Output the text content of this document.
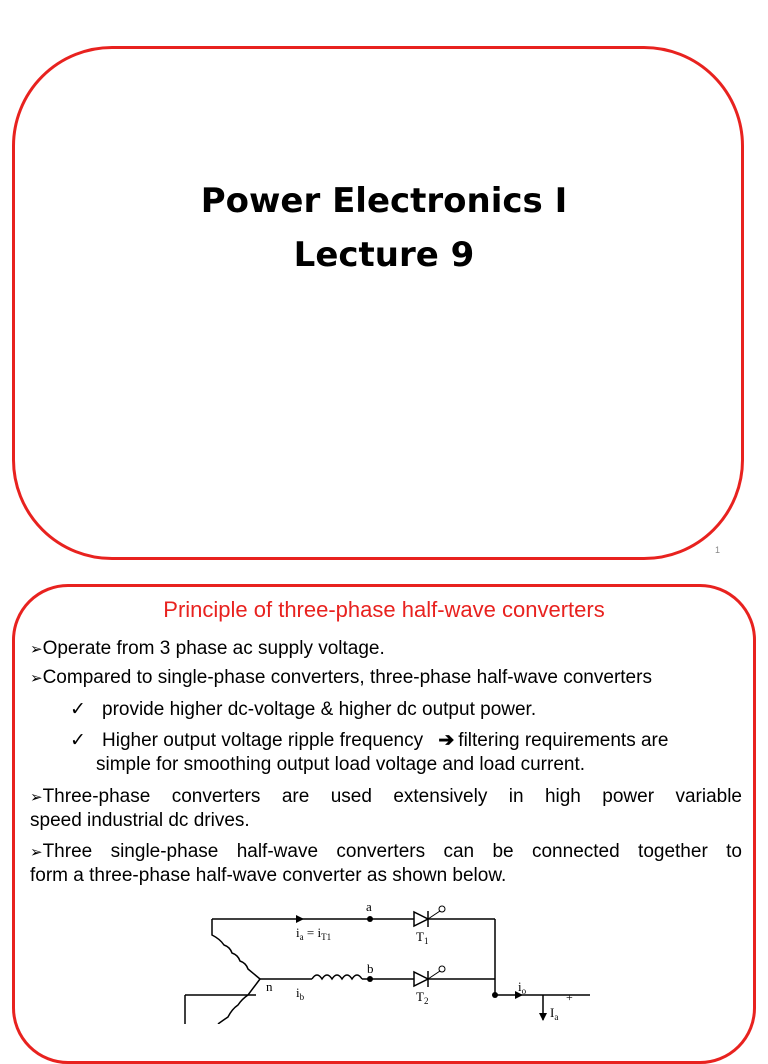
Power Electronics I
Lecture 9
1
Principle of three-phase half-wave converters
➢Operate from 3 phase ac supply voltage.
➢Compared to single-phase converters, three-phase half-wave converters
✓ provide higher dc-voltage & higher dc output power.
✓ Higher output voltage ripple frequency ➔ filtering requirements are
simple for smoothing output load voltage and load current.
➢Three-phase converters are used extensively in high power variable
speed industrial dc drives.
➢Three single-phase half-wave converters can be connected together to
form a three-phase half-wave converter as shown below.
a
b
n
$i_a = i_{T1}$
$i_b$
$T_1$
$T_2$
$i_o$
$I_a$
+
